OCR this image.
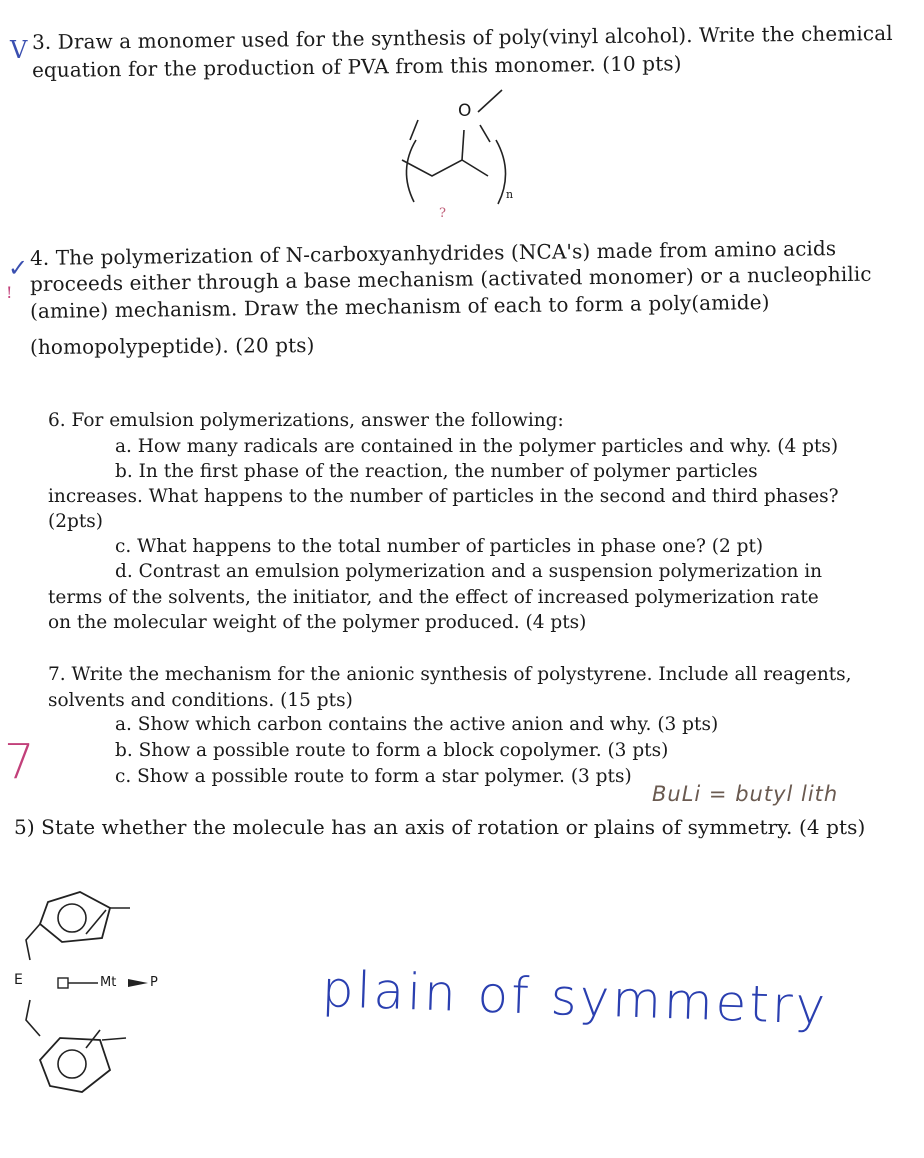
V 3. Draw a monomer used for the synthesis of poly(vinyl alcohol). Write the chemical
equation for the production of PVA from this monomer. (10 pts)
O
n
?
✓
!
4. The polymerization of N-carboxyanhydrides (NCA's) made from amino acids
proceeds either through a base mechanism (activated monomer) or a nucleophilic
(amine) mechanism. Draw the mechanism of each to form a poly(amide)
(homopolypeptide). (20 pts)
6. For emulsion polymerizations, answer the following:
a. How many radicals are contained in the polymer particles and why. (4 pts)
b. In the first phase of the reaction, the number of polymer particles
increases. What happens to the number of particles in the second and third phases?
(2pts)
c. What happens to the total number of particles in phase one? (2 pt)
d. Contrast an emulsion polymerization and a suspension polymerization in
terms of the solvents, the initiator, and the effect of increased polymerization rate
on the molecular weight of the polymer produced. (4 pts)
7. Write the mechanism for the anionic synthesis of polystyrene. Include all reagents,
solvents and conditions. (15 pts)
a. Show which carbon contains the active anion and why. (3 pts)
b. Show a possible route to form a block copolymer. (3 pts)
c. Show a possible route to form a star polymer. (3 pts)
7
BuLi = butyl lith
5) State whether the molecule has an axis of rotation or plains of symmetry. (4 pts)
E	Mt	P	plain of symmetry
